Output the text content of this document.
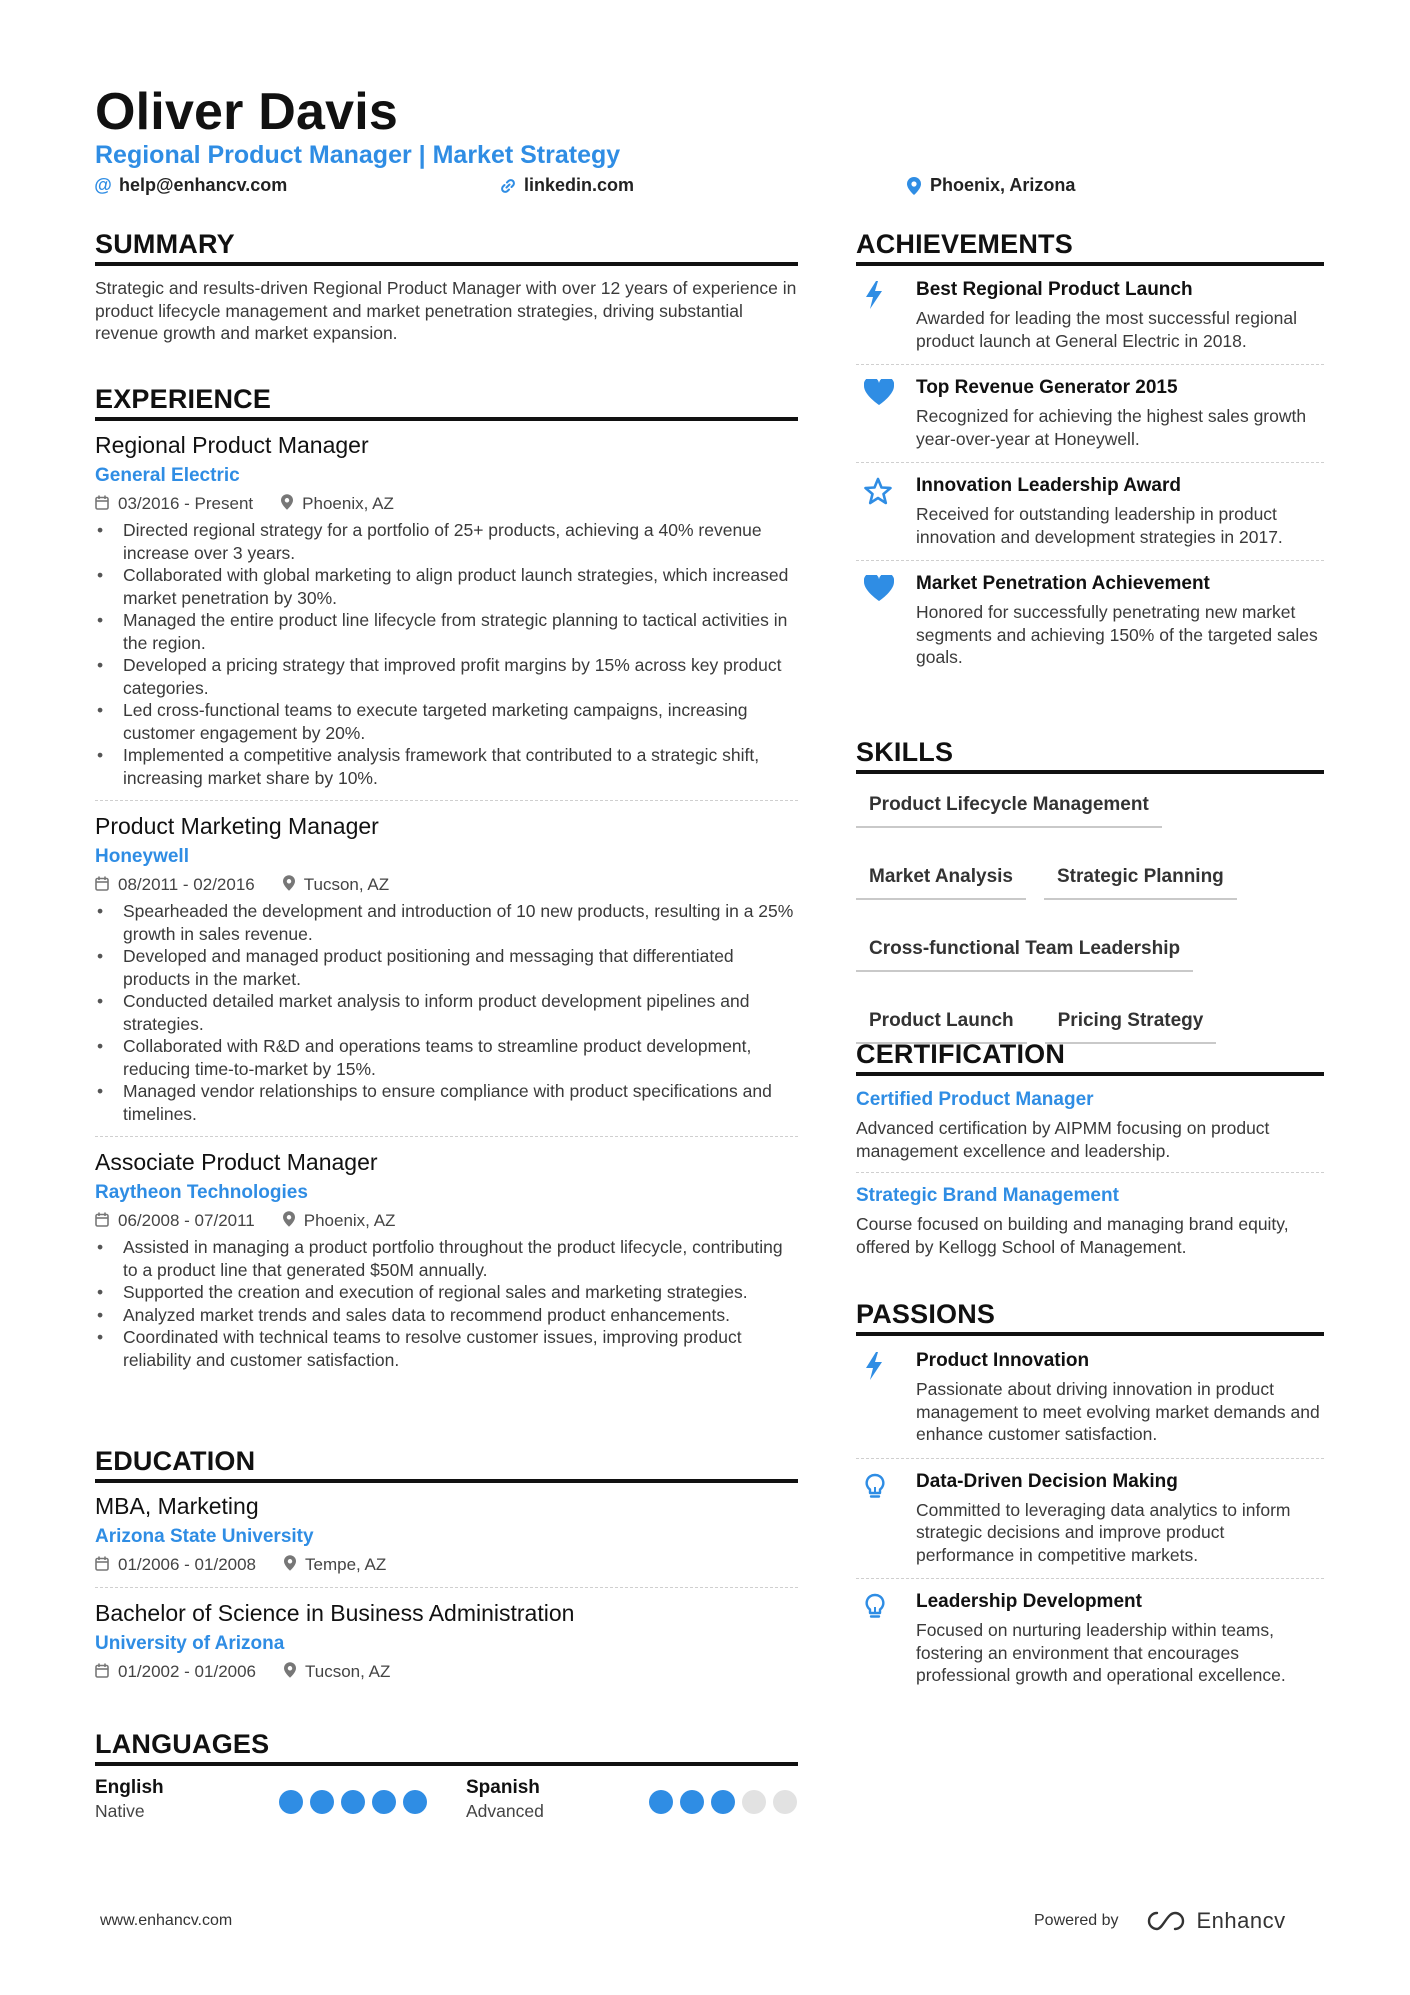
Oliver Davis
Regional Product Manager | Market Strategy
@ help@enhancv.com	linkedin.com	Phoenix, Arizona
SUMMARY
Strategic and results-driven Regional Product Manager with over 12 years of experience in product lifecycle management and market penetration strategies, driving substantial revenue growth and market expansion.
EXPERIENCE
Regional Product Manager
General Electric
03/2016 - Present	Phoenix, AZ
• Directed regional strategy for a portfolio of 25+ products, achieving a 40% revenue increase over 3 years.
• Collaborated with global marketing to align product launch strategies, which increased market penetration by 30%.
• Managed the entire product line lifecycle from strategic planning to tactical activities in the region.
• Developed a pricing strategy that improved profit margins by 15% across key product categories.
• Led cross-functional teams to execute targeted marketing campaigns, increasing customer engagement by 20%.
• Implemented a competitive analysis framework that contributed to a strategic shift, increasing market share by 10%.
Product Marketing Manager
Honeywell
08/2011 - 02/2016	Tucson, AZ
• Spearheaded the development and introduction of 10 new products, resulting in a 25% growth in sales revenue.
• Developed and managed product positioning and messaging that differentiated products in the market.
• Conducted detailed market analysis to inform product development pipelines and strategies.
• Collaborated with R&D and operations teams to streamline product development, reducing time-to-market by 15%.
• Managed vendor relationships to ensure compliance with product specifications and timelines.
Associate Product Manager
Raytheon Technologies
06/2008 - 07/2011	Phoenix, AZ
• Assisted in managing a product portfolio throughout the product lifecycle, contributing to a product line that generated $50M annually.
• Supported the creation and execution of regional sales and marketing strategies.
• Analyzed market trends and sales data to recommend product enhancements.
• Coordinated with technical teams to resolve customer issues, improving product reliability and customer satisfaction.
EDUCATION
MBA, Marketing
Arizona State University
01/2006 - 01/2008	Tempe, AZ
Bachelor of Science in Business Administration
University of Arizona
01/2002 - 01/2006	Tucson, AZ
LANGUAGES
English
Native
Spanish
Advanced
ACHIEVEMENTS
Best Regional Product Launch
Awarded for leading the most successful regional product launch at General Electric in 2018.
Top Revenue Generator 2015
Recognized for achieving the highest sales growth year-over-year at Honeywell.
Innovation Leadership Award
Received for outstanding leadership in product innovation and development strategies in 2017.
Market Penetration Achievement
Honored for successfully penetrating new market segments and achieving 150% of the targeted sales goals.
SKILLS
Product Lifecycle Management
Market Analysis	Strategic Planning
Cross-functional Team Leadership
Product Launch	Pricing Strategy
CERTIFICATION
Certified Product Manager
Advanced certification by AIPMM focusing on product management excellence and leadership.
Strategic Brand Management
Course focused on building and managing brand equity, offered by Kellogg School of Management.
PASSIONS
Product Innovation
Passionate about driving innovation in product management to meet evolving market demands and enhance customer satisfaction.
Data-Driven Decision Making
Committed to leveraging data analytics to inform strategic decisions and improve product performance in competitive markets.
Leadership Development
Focused on nurturing leadership within teams, fostering an environment that encourages professional growth and operational excellence.
www.enhancv.com	Powered by	Enhancv
